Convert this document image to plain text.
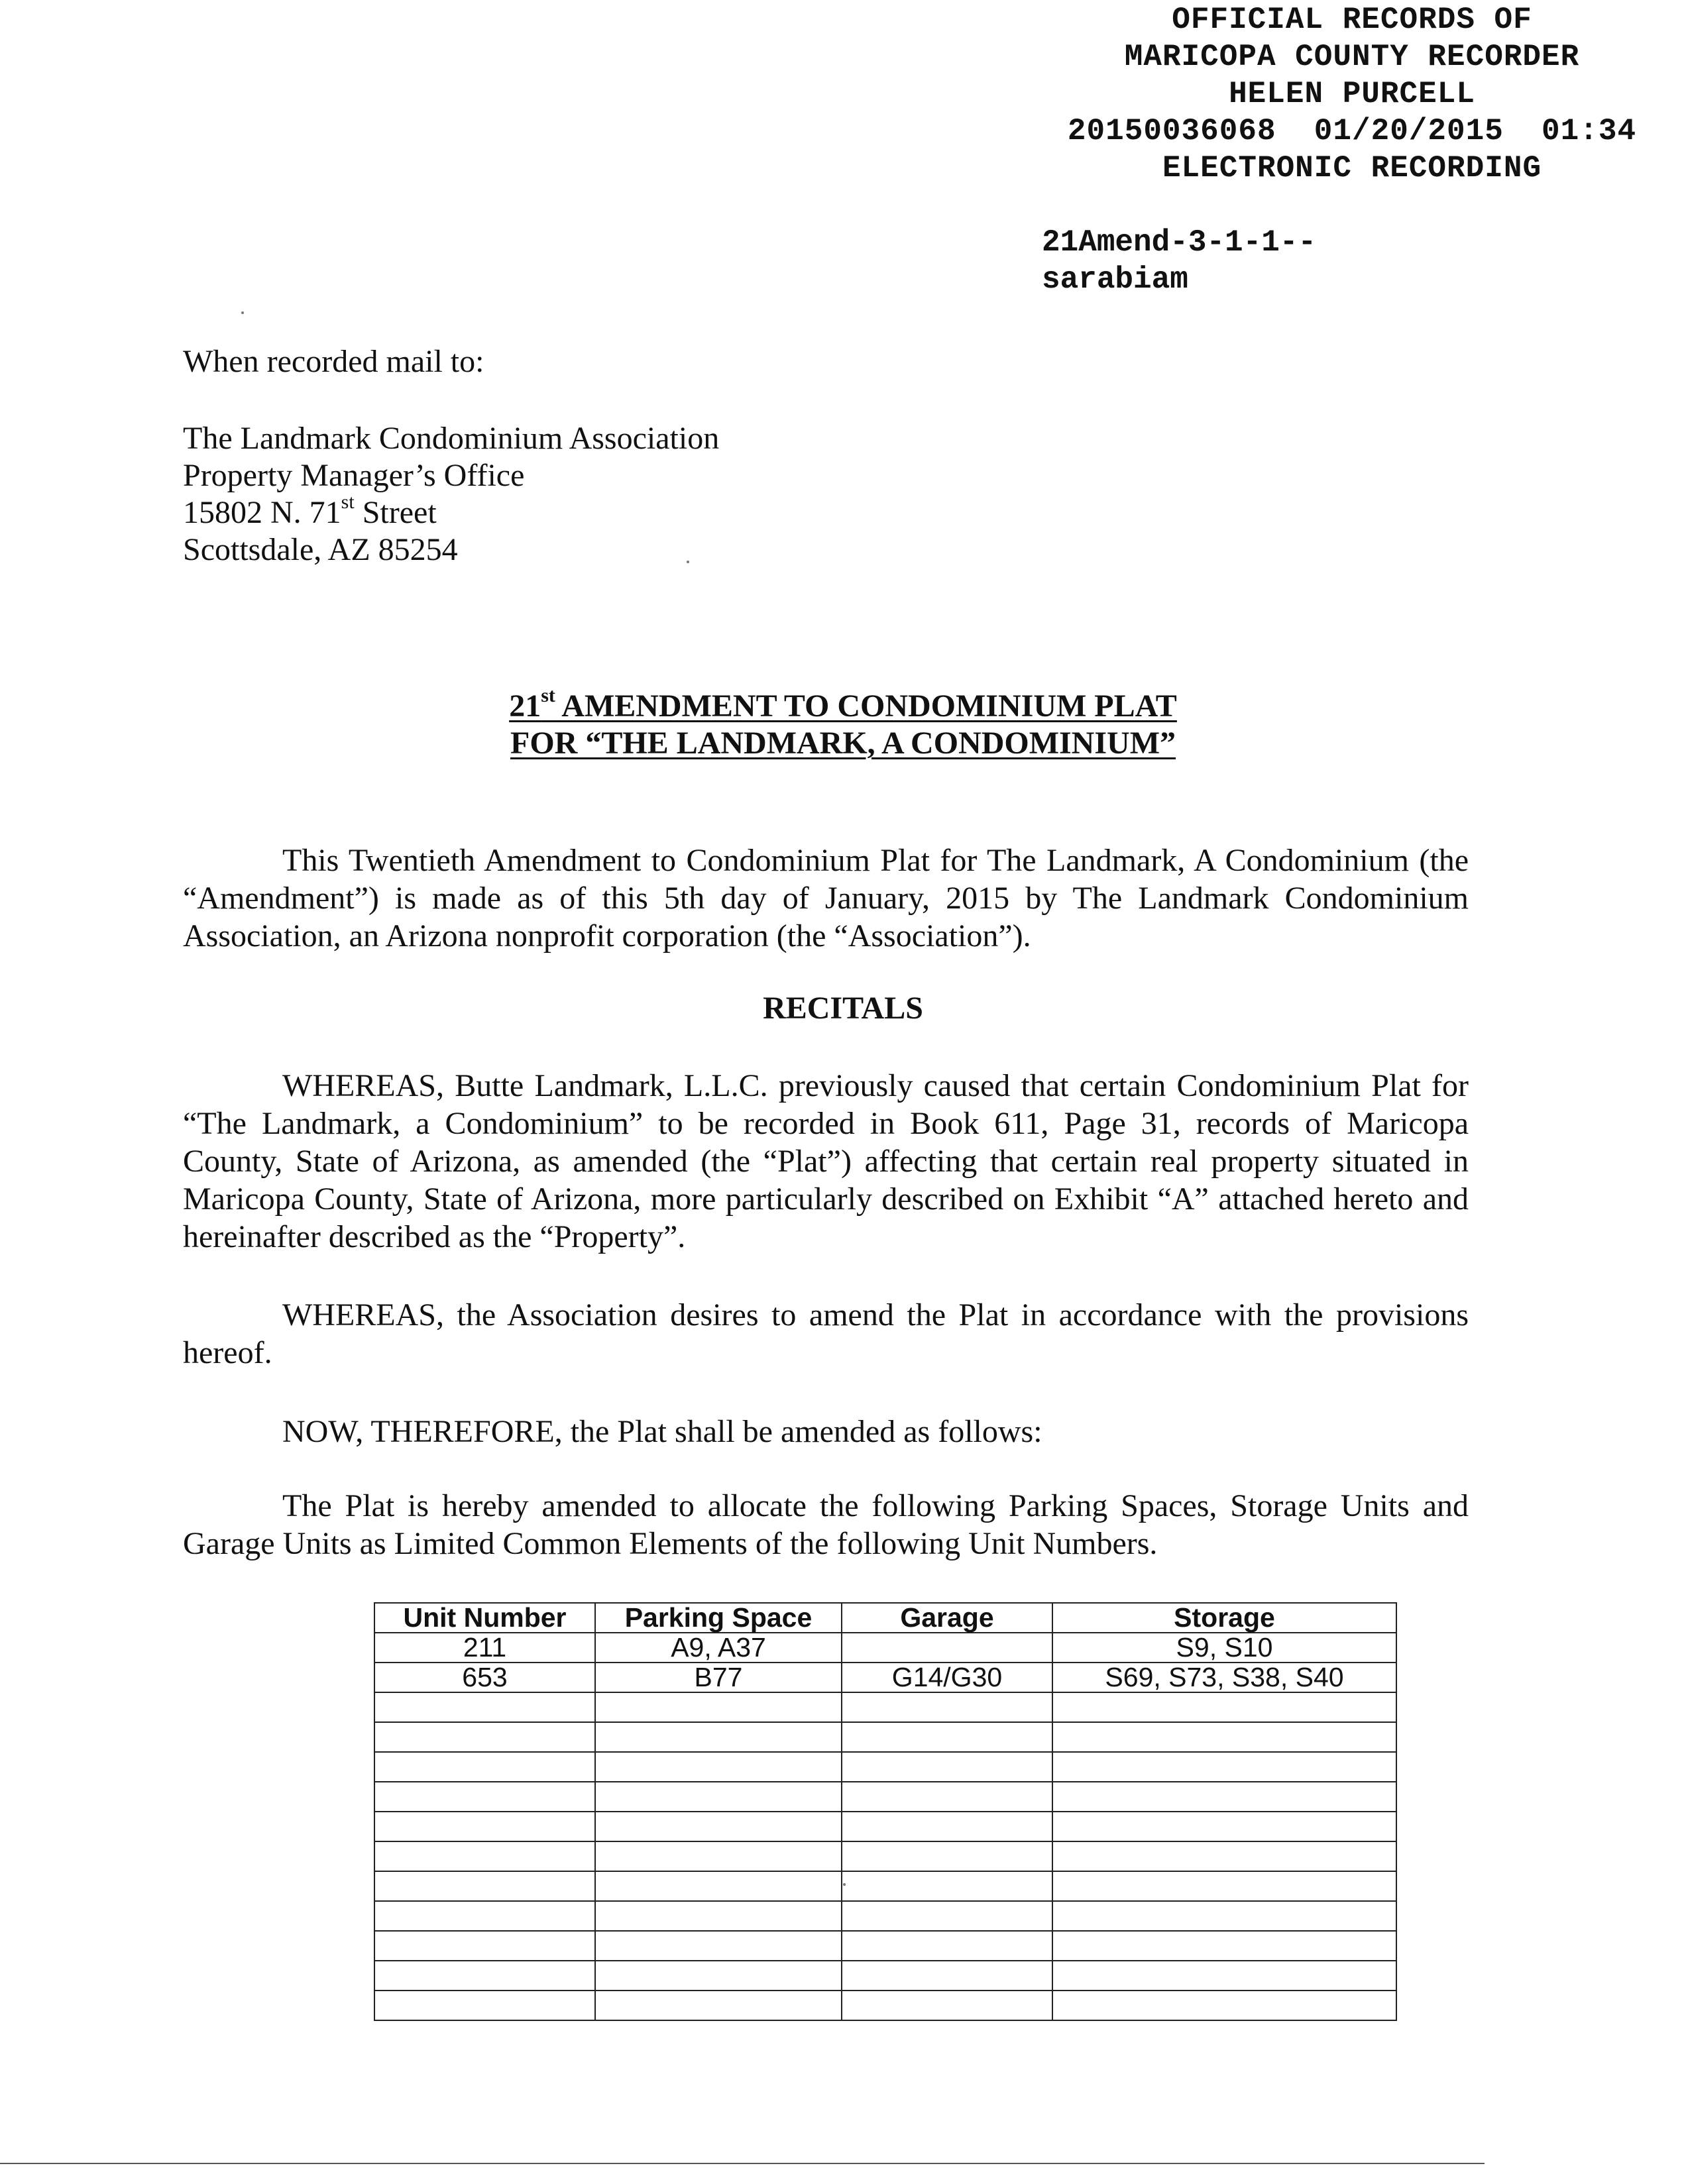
OFFICIAL RECORDS OF
MARICOPA COUNTY RECORDER
HELEN PURCELL
20150036068 01/20/2015 01:34
ELECTRONIC RECORDING
21Amend-3-1-1--
sarabiam
When recorded mail to:
The Landmark Condominium Association
Property Manager’s Office
15802 N. 71st Street
Scottsdale, AZ 85254
21st AMENDMENT TO CONDOMINIUM PLAT
FOR “THE LANDMARK, A CONDOMINIUM”
This Twentieth Amendment to Condominium Plat for The Landmark, A Condominium (the “Amendment”) is made as of this 5th day of January, 2015 by The Landmark Condominium Association, an Arizona nonprofit corporation (the “Association”).
RECITALS
WHEREAS, Butte Landmark, L.L.C. previously caused that certain Condominium Plat for “The Landmark, a Condominium” to be recorded in Book 611, Page 31, records of Maricopa County, State of Arizona, as amended (the “Plat”) affecting that certain real property situated in Maricopa County, State of Arizona, more particularly described on Exhibit “A” attached hereto and hereinafter described as the “Property”.
WHEREAS, the Association desires to amend the Plat in accordance with the provisions hereof.
NOW, THEREFORE, the Plat shall be amended as follows:
The Plat is hereby amended to allocate the following Parking Spaces, Storage Units and Garage Units as Limited Common Elements of the following Unit Numbers.
Unit Number	Parking Space	Garage	Storage
211	A9, A37		S9, S10
653	B77	G14/G30	S69, S73, S38, S40
